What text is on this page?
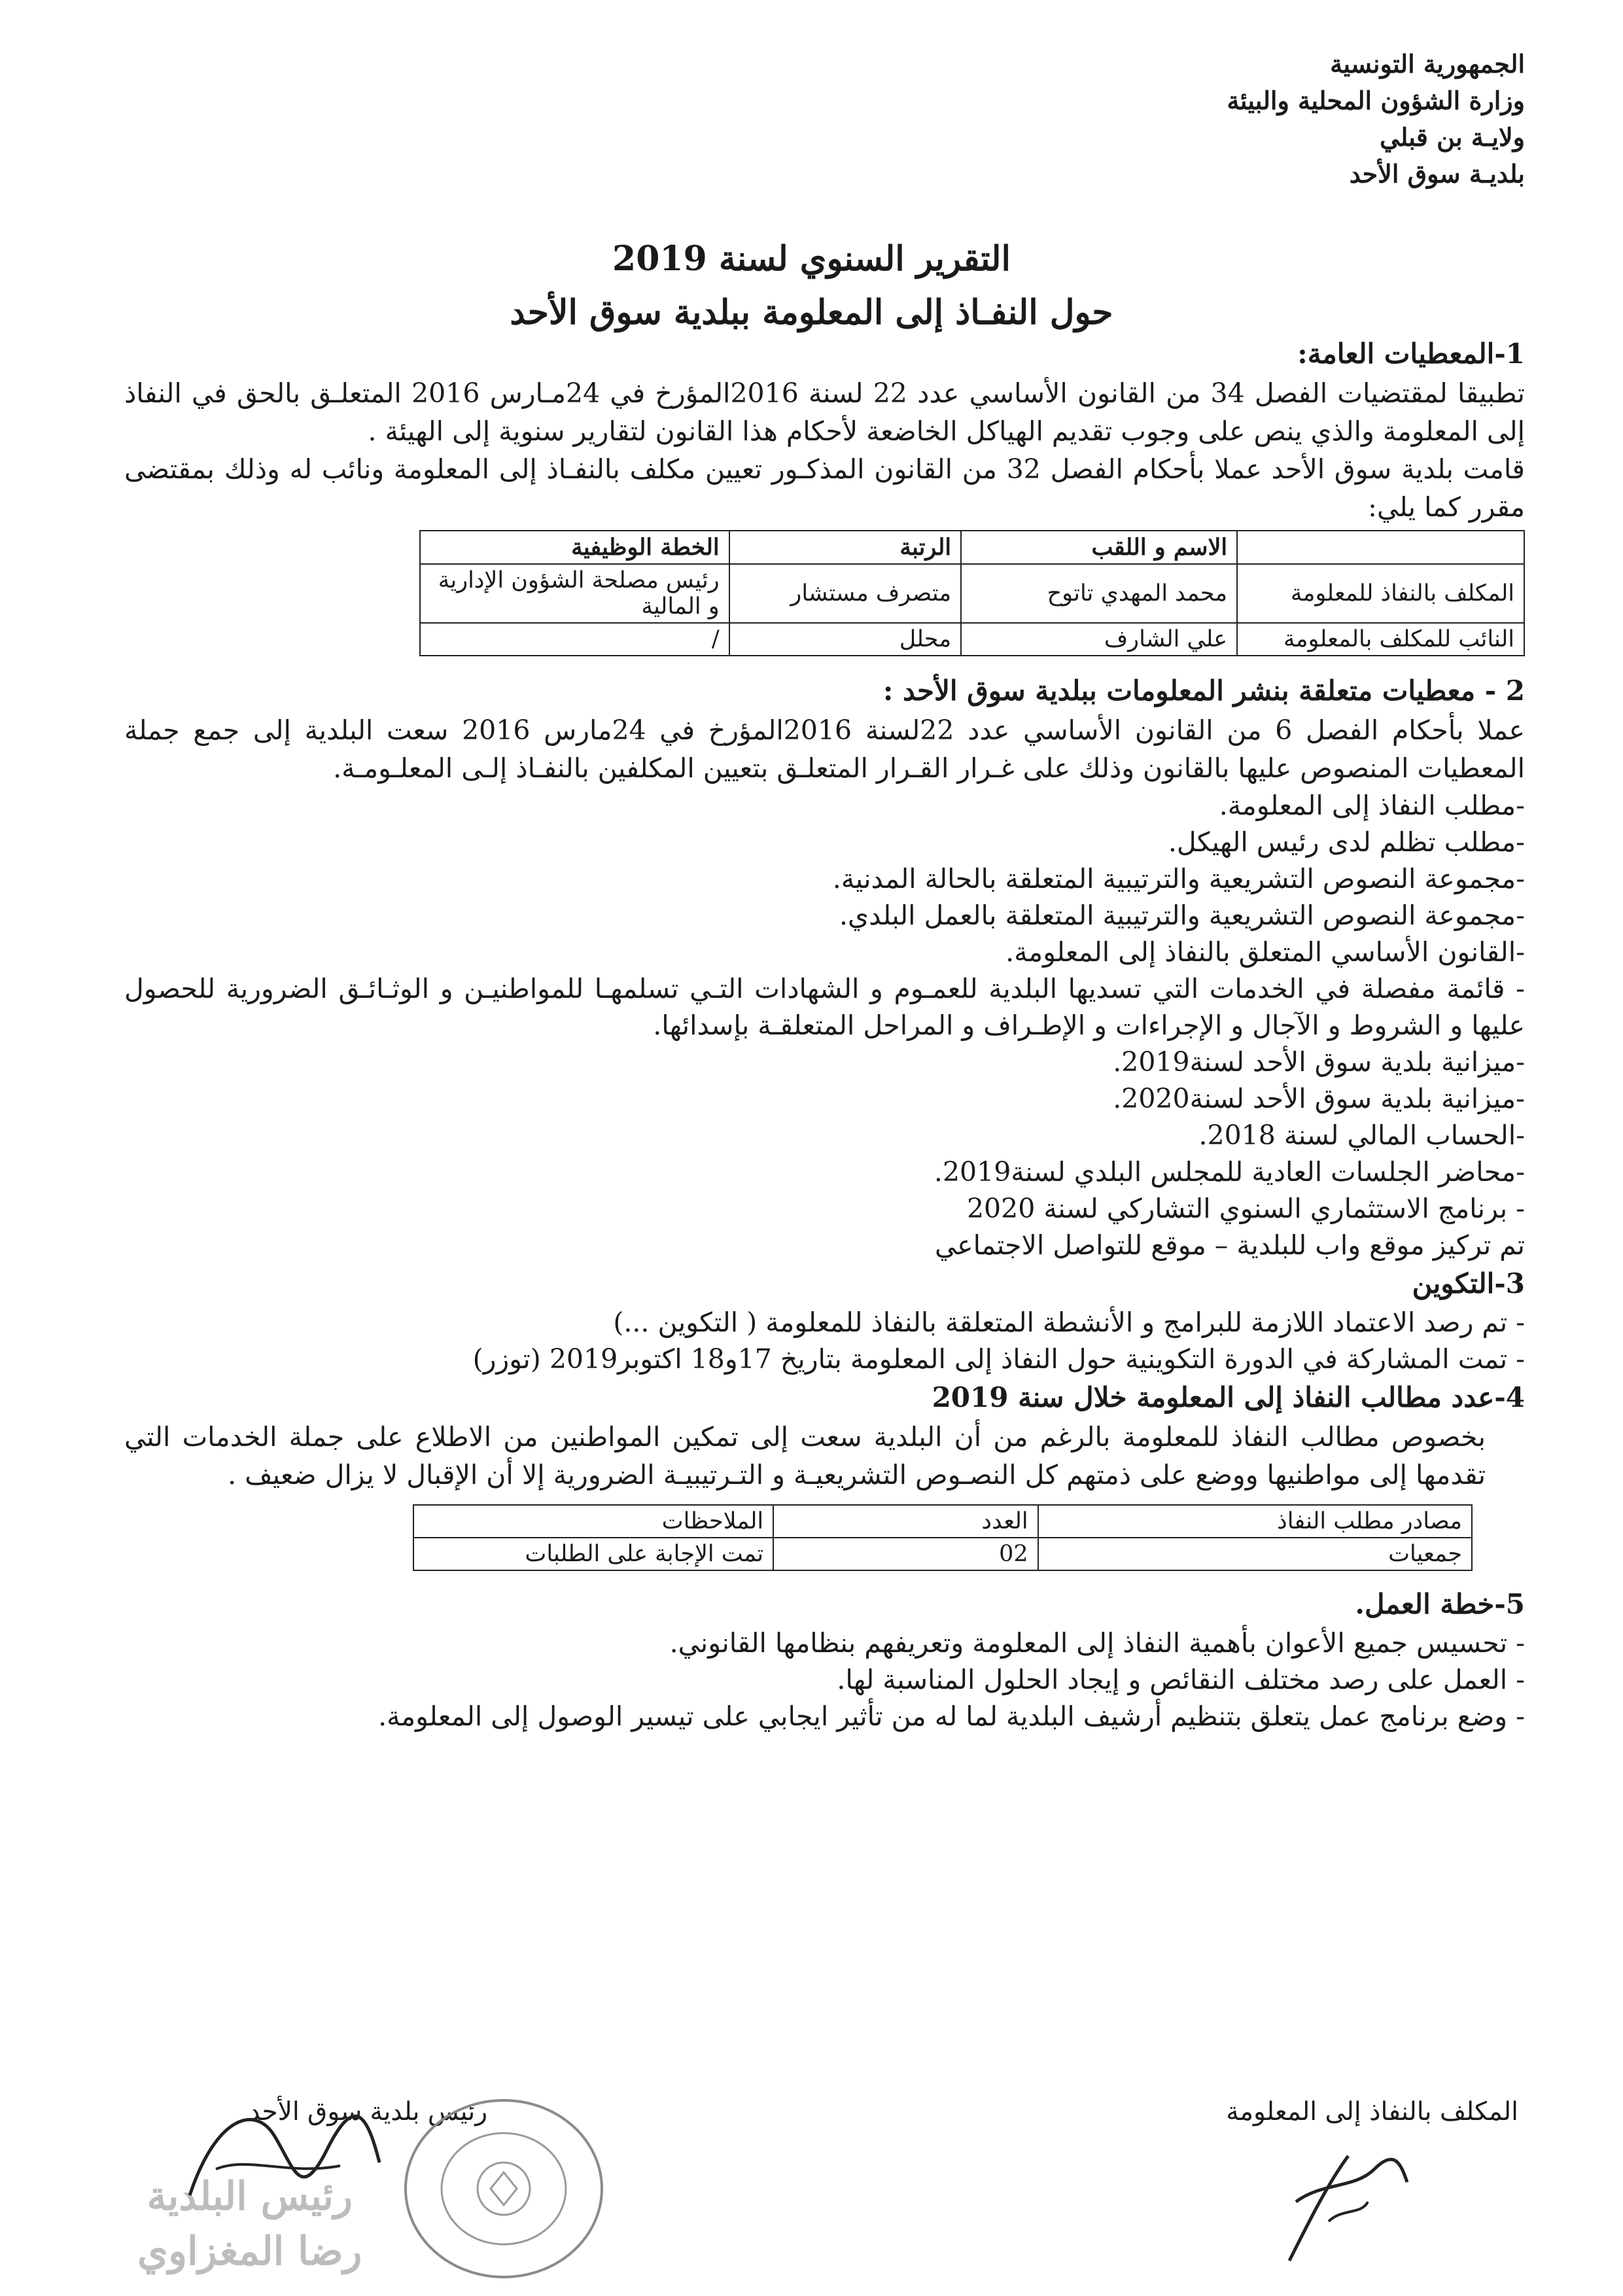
الجمهورية التونسية
وزارة الشؤون المحلية والبيئة
ولايـة بن قبلي
بلديـة سوق الأحد
التقرير السنوي لسنة 2019
حول النفـاذ إلى المعلومة ببلدية سوق الأحد

1-المعطيات العامة:

تطبيقا لمقتضيات الفصل 34 من القانون الأساسي عدد 22 لسنة 2016المؤرخ في 24مـارس 2016 المتعلـق بالحق في النفاذ إلى المعلومة والذي ينص على وجوب تقديم الهياكل الخاضعة لأحكام هذا القانون لتقارير سنوية إلى الهيئة .

قامت بلدية سوق الأحد عملا بأحكام الفصل 32 من القانون المذكـور تعيين مكلف بالنفـاذ إلى المعلومة ونائب له وذلك بمقتضى مقرر كما يلي:

	الاسم و اللقب	الرتبة	الخطة الوظيفية
المكلف بالنفاذ للمعلومة	محمد المهدي تاتوح	متصرف مستشار	رئيس مصلحة الشؤون الإدارية و المالية
النائب للمكلف بالمعلومة	علي الشارف	محلل	/

2 - معطيات متعلقة بنشر المعلومات ببلدية سوق الأحد :

عملا بأحكام الفصل 6 من القانون الأساسي عدد 22لسنة 2016المؤرخ في 24مارس 2016 سعت البلدية إلى جمع جملة المعطيات المنصوص عليها بالقانون وذلك على غـرار القـرار المتعلـق بتعيين المكلفين بالنفـاذ إلـى المعلـومـة.

-مطلب النفاذ إلى المعلومة.

-مطلب تظلم لدى رئيس الهيكل.

-مجموعة النصوص التشريعية والترتيبية المتعلقة بالحالة المدنية.

-مجموعة النصوص التشريعية والترتيبية المتعلقة بالعمل البلدي.

-القانون الأساسي المتعلق بالنفاذ إلى المعلومة.

- قائمة مفصلة في الخدمات التي تسديها البلدية للعمـوم و الشهادات التـي تسلمهـا للمواطنيـن و الوثـائـق الضرورية للحصول عليها و الشروط و الآجال و الإجراءات و الإطـراف و المراحل المتعلقـة بإسدائها.

-ميزانية بلدية سوق الأحد لسنة2019.

-ميزانية بلدية سوق الأحد لسنة2020.

-الحساب المالي لسنة 2018.

-محاضر الجلسات العادية للمجلس البلدي لسنة2019.

- برنامج الاستثماري السنوي التشاركي لسنة 2020

تم تركيز موقع واب للبلدية – موقع للتواصل الاجتماعي

3-التكوين

- تم رصد الاعتماد اللازمة للبرامج و الأنشطة المتعلقة بالنفاذ للمعلومة ( التكوين ...)

- تمت المشاركة في الدورة التكوينية حول النفاذ إلى المعلومة بتاريخ 17و18 اكتوبر2019 (توزر)

4-عدد مطالب النفاذ إلى المعلومة خلال سنة 2019

بخصوص مطالب النفاذ للمعلومة بالرغم من أن البلدية سعت إلى تمكين المواطنين من الاطلاع على جملة الخدمات التي تقدمها إلى مواطنيها ووضع على ذمتهم كل النصـوص التشريعيـة و التـرتيبيـة الضرورية إلا أن الإقبال لا يزال ضعيف .

مصادر مطلب النفاذ	العدد	الملاحظات
جمعيات	02	تمت الإجابة على الطلبات

5-خطة العمل.

- تحسيس جميع الأعوان بأهمية النفاذ إلى المعلومة وتعريفهم بنظامها القانوني.

- العمل على رصد مختلف النقائص و إيجاد الحلول المناسبة لها.

- وضع برنامج عمل يتعلق بتنظيم أرشيف البلدية لما له من تأثير ايجابي على تيسير الوصول إلى المعلومة.

المكلف بالنفاذ إلى المعلومة
رئيس بلدية سوق الأحد
رئيس البلدية
رضا المغزاوي
